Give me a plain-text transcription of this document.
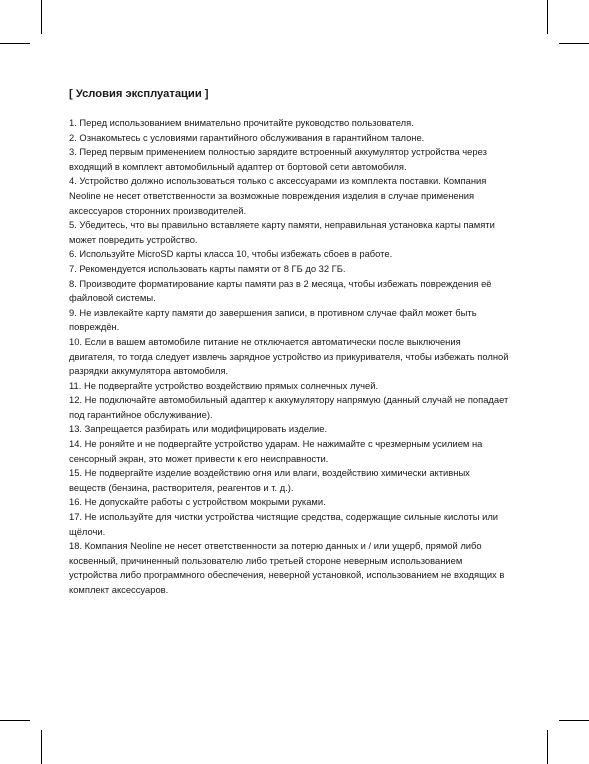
[ Условия эксплуатации ]
1. Перед использованием внимательно прочитайте руководство пользователя.
2. Ознакомьтесь с условиями гарантийного обслуживания в гарантийном талоне.
3. Перед первым применением полностью зарядите встроенный аккумулятор устройства через входящий в комплект автомобильный адаптер от бортовой сети автомобиля.
4. Устройство должно использоваться только с аксессуарами из комплекта поставки. Компания Neoline не несет ответственности за возможные повреждения изделия в случае применения аксессуаров сторонних производителей.
5. Убедитесь, что вы правильно вставляете карту памяти, неправильная установка карты памяти может повредить устройство.
6. Используйте MicroSD карты класса 10, чтобы избежать сбоев в работе.
7. Рекомендуется использовать карты памяти от 8 ГБ до 32 ГБ.
8. Производите форматирование карты памяти раз в 2 месяца, чтобы избежать повреждения её файловой системы.
9. Не извлекайте карту памяти до завершения записи, в противном случае файл может быть повреждён.
10. Если в вашем автомобиле питание не отключается автоматически после выключения двигателя, то тогда следует извлечь зарядное устройство из прикуривателя, чтобы избежать полной разрядки аккумулятора автомобиля.
11. Не подвергайте устройство воздействию прямых солнечных лучей.
12. Не подключайте автомобильный адаптер к аккумулятору напрямую (данный случай не попадает под гарантийное обслуживание).
13. Запрещается разбирать или модифицировать изделие.
14. Не роняйте и не подвергайте устройство ударам. Не нажимайте с чрезмерным усилием на сенсорный экран, это может привести к его неисправности.
15. Не подвергайте изделие воздействию огня или влаги, воздействию химически активных веществ (бензина, растворителя, реагентов и т. д.).
16. Не допускайте работы с устройством мокрыми руками.
17. Не используйте для чистки устройства чистящие средства, содержащие сильные кислоты или щёлочи.
18. Компания Neoline не несет ответственности за потерю данных и / или ущерб, прямой либо косвенный, причиненный пользователю либо третьей стороне неверным использованием устройства либо программного обеспечения, неверной установкой, использованием не входящих в комплект аксессуаров.
